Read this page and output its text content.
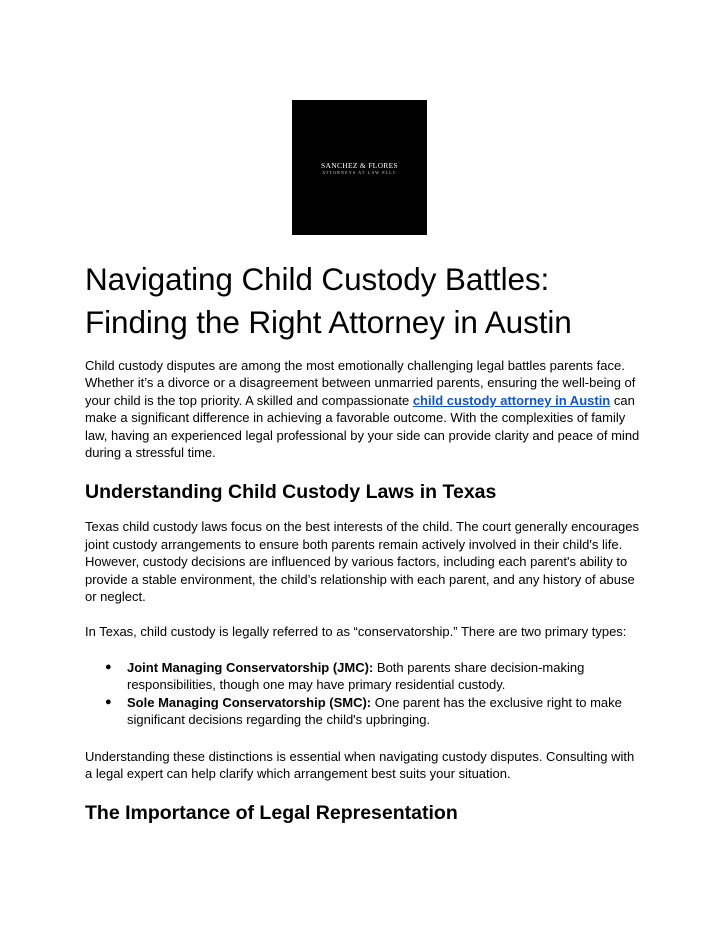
SANCHEZ & FLORES
ATTORNEYS AT LAW PLLC
Navigating Child Custody Battles:
Finding the Right Attorney in Austin

Child custody disputes are among the most emotionally challenging legal battles parents face. Whether it’s a divorce or a disagreement between unmarried parents, ensuring the well-being of your child is the top priority. A skilled and compassionate child custody attorney in Austin can make a significant difference in achieving a favorable outcome. With the complexities of family law, having an experienced legal professional by your side can provide clarity and peace of mind during a stressful time.

Understanding Child Custody Laws in Texas

Texas child custody laws focus on the best interests of the child. The court generally encourages joint custody arrangements to ensure both parents remain actively involved in their child's life. However, custody decisions are influenced by various factors, including each parent's ability to provide a stable environment, the child’s relationship with each parent, and any history of abuse or neglect.

In Texas, child custody is legally referred to as “conservatorship.” There are two primary types:

● Joint Managing Conservatorship (JMC): Both parents share decision-making responsibilities, though one may have primary residential custody.
● Sole Managing Conservatorship (SMC): One parent has the exclusive right to make significant decisions regarding the child's upbringing.

Understanding these distinctions is essential when navigating custody disputes. Consulting with a legal expert can help clarify which arrangement best suits your situation.

The Importance of Legal Representation
